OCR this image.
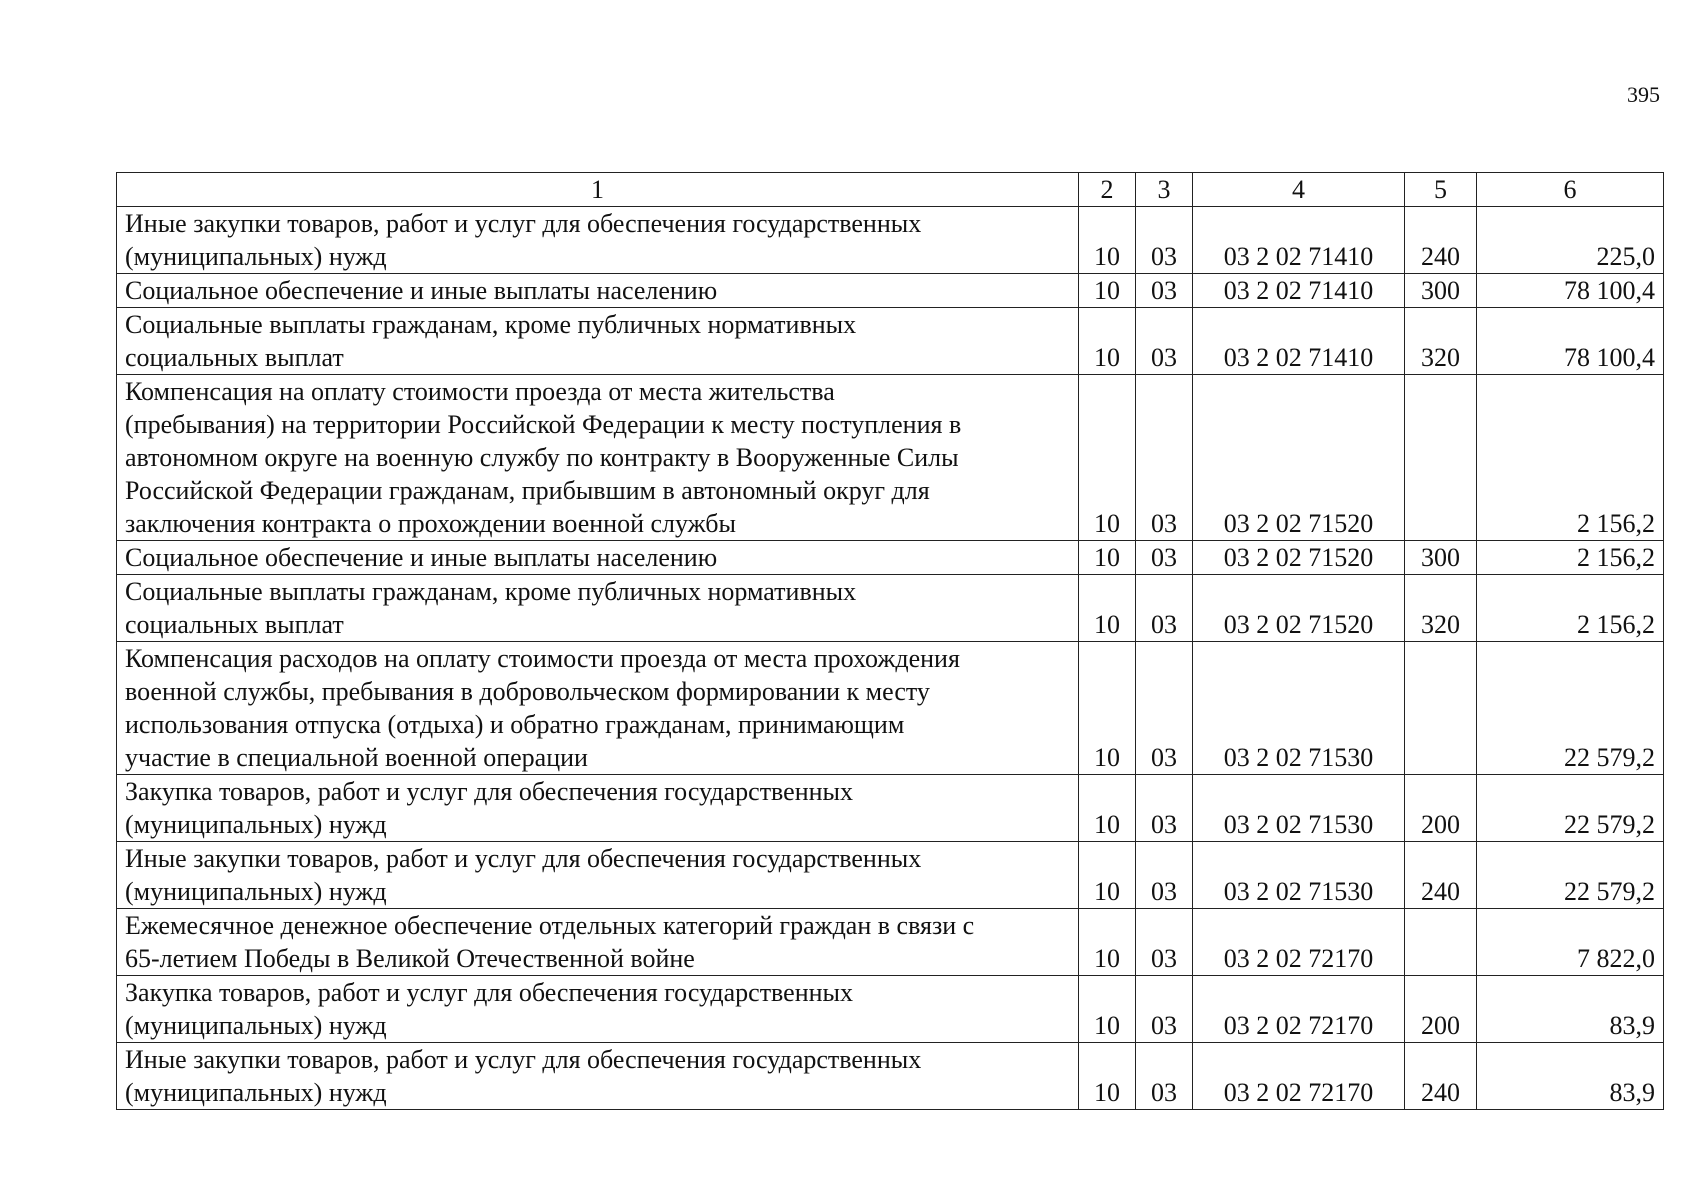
395
1	2	3	4	5	6
Иные закупки товаров, работ и услуг для обеспечения государственных
(муниципальных) нужд	10	03	03 2 02 71410	240	225,0
Социальное обеспечение и иные выплаты населению	10	03	03 2 02 71410	300	78 100,4
Социальные выплаты гражданам, кроме публичных нормативных
социальных выплат	10	03	03 2 02 71410	320	78 100,4
Компенсация на оплату стоимости проезда от места жительства
(пребывания) на территории Российской Федерации к месту поступления в
автономном округе на военную службу по контракту в Вооруженные Силы
Российской Федерации гражданам, прибывшим в автономный округ для
заключения контракта о прохождении военной службы	10	03	03 2 02 71520		2 156,2
Социальное обеспечение и иные выплаты населению	10	03	03 2 02 71520	300	2 156,2
Социальные выплаты гражданам, кроме публичных нормативных
социальных выплат	10	03	03 2 02 71520	320	2 156,2
Компенсация расходов на оплату стоимости проезда от места прохождения
военной службы, пребывания в добровольческом формировании к месту
использования отпуска (отдыха) и обратно гражданам, принимающим
участие в специальной военной операции	10	03	03 2 02 71530		22 579,2
Закупка товаров, работ и услуг для обеспечения государственных
(муниципальных) нужд	10	03	03 2 02 71530	200	22 579,2
Иные закупки товаров, работ и услуг для обеспечения государственных
(муниципальных) нужд	10	03	03 2 02 71530	240	22 579,2
Ежемесячное денежное обеспечение отдельных категорий граждан в связи с
65-летием Победы в Великой Отечественной войне	10	03	03 2 02 72170		7 822,0
Закупка товаров, работ и услуг для обеспечения государственных
(муниципальных) нужд	10	03	03 2 02 72170	200	83,9
Иные закупки товаров, работ и услуг для обеспечения государственных
(муниципальных) нужд	10	03	03 2 02 72170	240	83,9
